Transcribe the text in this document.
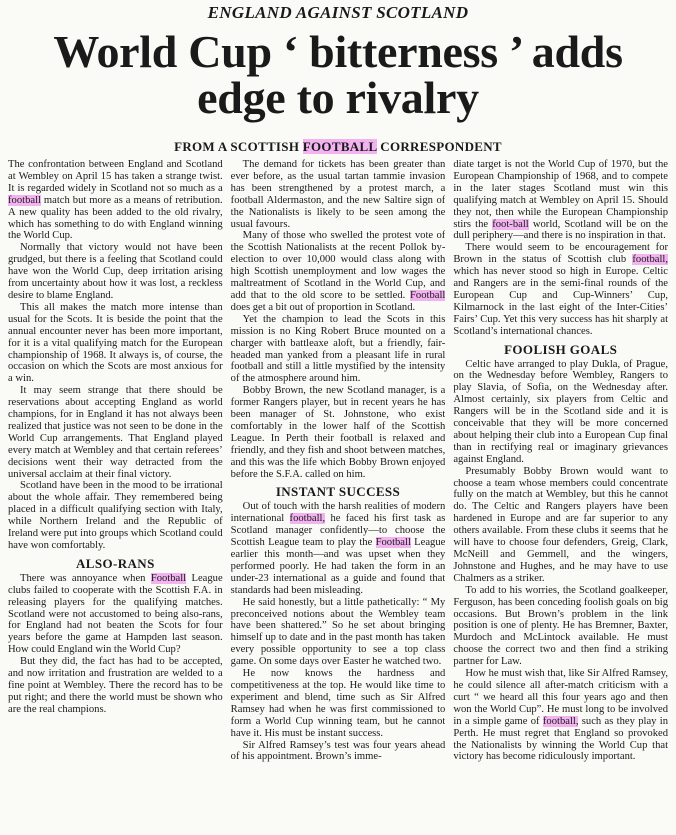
ENGLAND AGAINST SCOTLAND
World Cup ‘ bitterness ’ adds
edge to rivalry
FROM A SCOTTISH FOOTBALL CORRESPONDENT

The confrontation between England and Scotland at Wembley on April 15 has taken a strange twist. It is regarded widely in Scotland not so much as a football match but more as a means of retribution. A new quality has been added to the old rivalry, which has something to do with England winning the World Cup.

Normally that victory would not have been grudged, but there is a feeling that Scotland could have won the World Cup, deep irritation arising from uncertainty about how it was lost, a reckless desire to blame England.

This all makes the match more intense than usual for the Scots. It is beside the point that the annual encounter never has been more important, for it is a vital qualifying match for the European championship of 1968. It always is, of course, the occasion on which the Scots are most anxious for a win.

It may seem strange that there should be reservations about accepting England as world champions, for in England it has not always been realized that justice was not seen to be done in the World Cup arrangements. That England played every match at Wembley and that certain referees’ decisions went their way detracted from the universal acclaim at their final victory.

Scotland have been in the mood to be irrational about the whole affair. They remembered being placed in a difficult qualifying section with Italy, while Northern Ireland and the Republic of Ireland were put into groups which Scotland could have won comfortably.

ALSO-RANS

There was annoyance when Football League clubs failed to cooperate with the Scottish F.A. in releasing players for the qualifying matches. Scotland were not accustomed to being also-rans, for England had not beaten the Scots for four years before the game at Hampden last season. How could England win the World Cup?

But they did, the fact has had to be accepted, and now irritation and frustration are welded to a fine point at Wembley. There the record has to be put right; and there the world must be shown who are the real champions.

The demand for tickets has been greater than ever before, as the usual tartan tammie invasion has been strengthened by a protest march, a football Aldermaston, and the new Saltire sign of the Nationalists is likely to be seen among the usual favours.

Many of those who swelled the protest vote of the Scottish Nationalists at the recent Pollok by-election to over 10,000 would class along with high Scottish unemployment and low wages the maltreatment of Scotland in the World Cup, and add that to the old score to be settled. Football does get a bit out of proportion in Scotland.

Yet the champion to lead the Scots in this mission is no King Robert Bruce mounted on a charger with battleaxe aloft, but a friendly, fair-headed man yanked from a pleasant life in rural football and still a little mystified by the intensity of the atmosphere around him.

Bobby Brown, the new Scotland manager, is a former Rangers player, but in recent years he has been manager of St. Johnstone, who exist comfortably in the lower half of the Scottish League. In Perth their football is relaxed and friendly, and they fish and shoot between matches, and this was the life which Bobby Brown enjoyed before the S.F.A. called on him.

INSTANT SUCCESS

Out of touch with the harsh realities of modern international football, he faced his first task as Scotland manager confidently—to choose the Scottish League team to play the Football League earlier this month—and was upset when they performed poorly. He had taken the form in an under-23 international as a guide and found that standards had been misleading.

He said honestly, but a little pathetically: “ My preconceived notions about the Wembley team have been shattered.” So he set about bringing himself up to date and in the past month has taken every possible opportunity to see a top class game. On some days over Easter he watched two.

He now knows the hardness and competitiveness at the top. He would like time to experiment and blend, time such as Sir Alfred Ramsey had when he was first commissioned to form a World Cup winning team, but he cannot have it. His must be instant success.

Sir Alfred Ramsey’s test was four years ahead of his appointment. Brown’s imme-

diate target is not the World Cup of 1970, but the European Championship of 1968, and to compete in the later stages Scotland must win this qualifying match at Wembley on April 15. Should they not, then while the European Championship stirs the foot-ball world, Scotland will be on the dull periphery—and there is no inspiration in that.

There would seem to be encouragement for Brown in the status of Scottish club football, which has never stood so high in Europe. Celtic and Rangers are in the semi-final rounds of the European Cup and Cup-Winners’ Cup, Kilmarnock in the last eight of the Inter-Cities’ Fairs’ Cup. Yet this very success has hit sharply at Scotland’s international chances.

FOOLISH GOALS

Celtic have arranged to play Dukla, of Prague, on the Wednesday before Wembley, Rangers to play Slavia, of Sofia, on the Wednesday after. Almost certainly, six players from Celtic and Rangers will be in the Scotland side and it is conceivable that they will be more concerned about helping their club into a European Cup final than in rectifying real or imaginary grievances against England.

Presumably Bobby Brown would want to choose a team whose members could concentrate fully on the match at Wembley, but this he cannot do. The Celtic and Rangers players have been hardened in Europe and are far superior to any others available. From these clubs it seems that he will have to choose four defenders, Greig, Clark, McNeill and Gemmell, and the wingers, Johnstone and Hughes, and he may have to use Chalmers as a striker.

To add to his worries, the Scotland goalkeeper, Ferguson, has been conceding foolish goals on big occasions. But Brown’s problem in the link position is one of plenty. He has Bremner, Baxter, Murdoch and McLintock available. He must choose the correct two and then find a striking partner for Law.

How he must wish that, like Sir Alfred Ramsey, he could silence all after-match criticism with a curt “ we heard all this four years ago and then won the World Cup”. He must long to be involved in a simple game of football, such as they play in Perth. He must regret that England so provoked the Nationalists by winning the World Cup that victory has become ridiculously important.
